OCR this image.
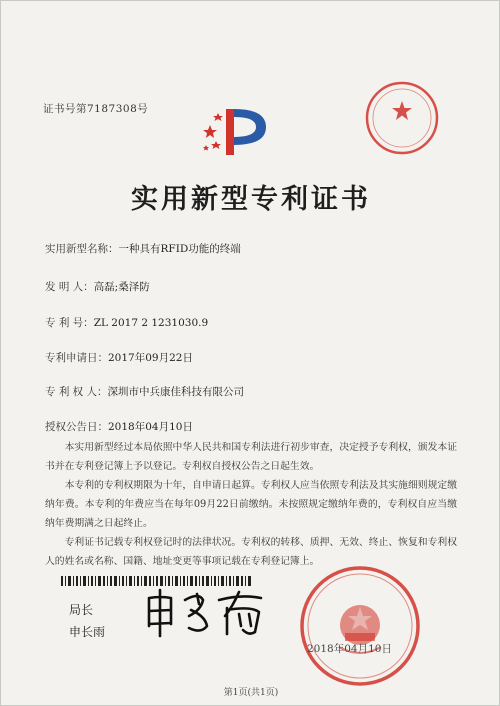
证书号第7187308号
实用新型专利证书
实用新型名称：一种具有RFID功能的终端
发 明 人：高磊;桑泽防
专 利 号：ZL 2017 2 1231030.9
专利申请日：2017年09月22日
专 利 权 人：深圳市中兵康佳科技有限公司
授权公告日：2018年04月10日

本实用新型经过本局依照中华人民共和国专利法进行初步审查，决定授予专利权，颁发本证书并在专利登记簿上予以登记。专利权自授权公告之日起生效。

本专利的专利权期限为十年，自申请日起算。专利权人应当依照专利法及其实施细则规定缴纳年费。本专利的年费应当在每年09月22日前缴纳。未按照规定缴纳年费的，专利权自应当缴纳年费期满之日起终止。

专利证书记载专利权登记时的法律状况。专利权的转移、质押、无效、终止、恢复和专利权人的姓名或名称、国籍、地址变更等事项记载在专利登记簿上。

局长
申长雨
2018年04月10日
第1页(共1页)
